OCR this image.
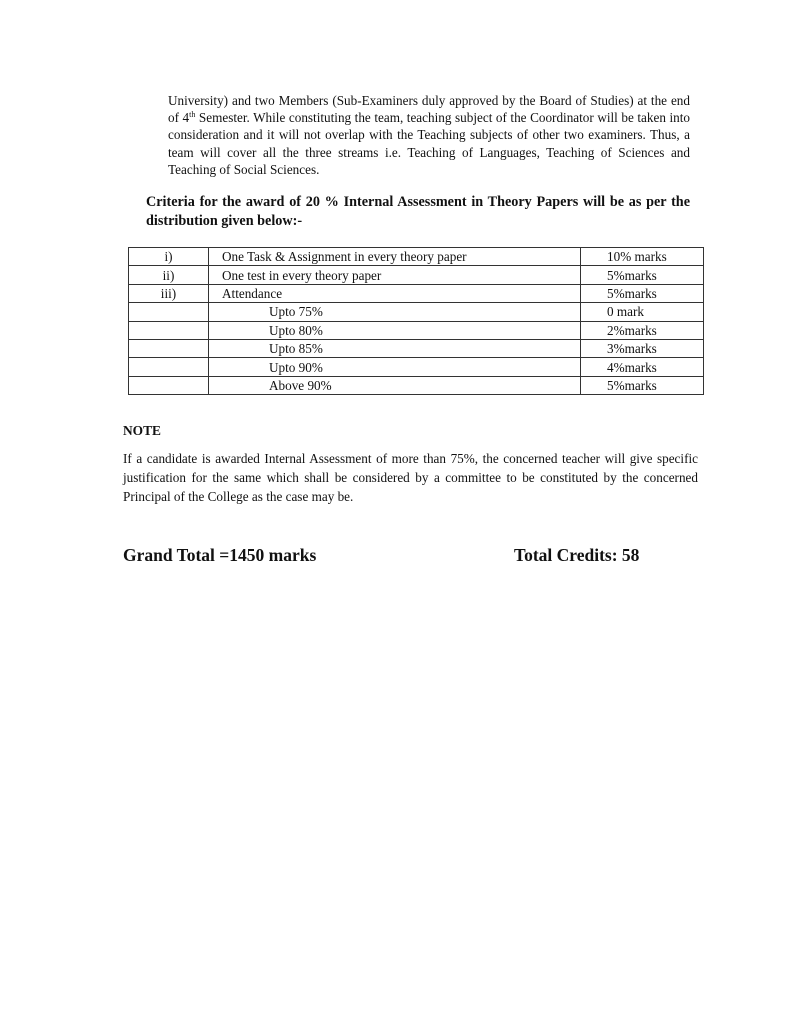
University) and two Members (Sub-Examiners duly approved by the Board of Studies) at the end of 4th Semester. While constituting the team, teaching subject of the Coordinator will be taken into consideration and it will not overlap with the Teaching subjects of other two examiners. Thus, a team will cover all the three streams i.e. Teaching of Languages, Teaching of Sciences and Teaching of Social Sciences.
Criteria for the award of 20 % Internal Assessment in Theory Papers will be as per the distribution given below:-
i)	One Task & Assignment in every theory paper	10% marks
ii)	One test in every theory paper	5%marks
iii)	Attendance	5%marks
	Upto 75%	0 mark
	Upto 80%	2%marks
	Upto 85%	3%marks
	Upto 90%	4%marks
	Above 90%	5%marks
NOTE
If a candidate is awarded Internal Assessment of more than 75%, the concerned teacher will give specific justification for the same which shall be considered by a committee to be constituted by the concerned Principal of the College as the case may be.
Grand Total =1450 marks	Total Credits: 58
